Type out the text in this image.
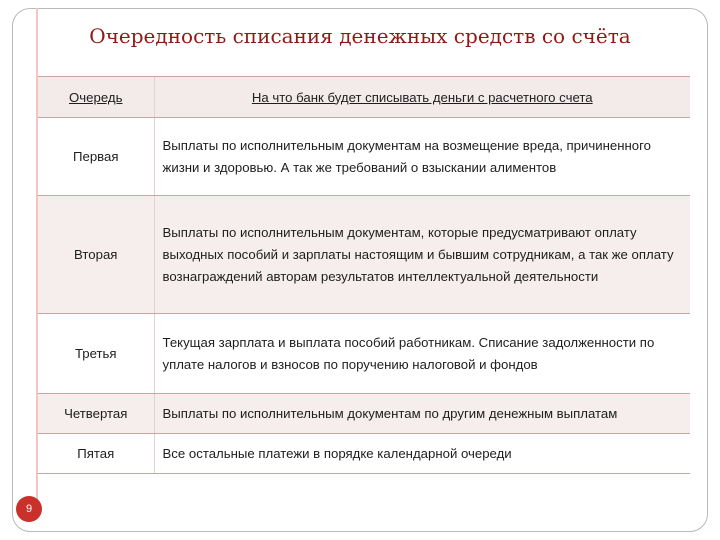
Очередность списания денежных средств со счёта
Очередь	На что банк будет списывать деньги с расчетного счета
Первая	Выплаты по исполнительным документам на возмещение вреда, причиненного жизни и здоровью. А так же требований о взыскании алиментов
Вторая	Выплаты по исполнительным документам, которые предусматривают оплату выходных пособий и зарплаты настоящим и бывшим сотрудникам, а так же оплату вознаграждений авторам результатов интеллектуальной деятельности
Третья	Текущая зарплата и выплата пособий работникам. Списание задолженности по уплате налогов и взносов по поручению налоговой и фондов
Четвертая	Выплаты по исполнительным документам по другим денежным выплатам
Пятая	Все остальные платежи в порядке календарной очереди
9
